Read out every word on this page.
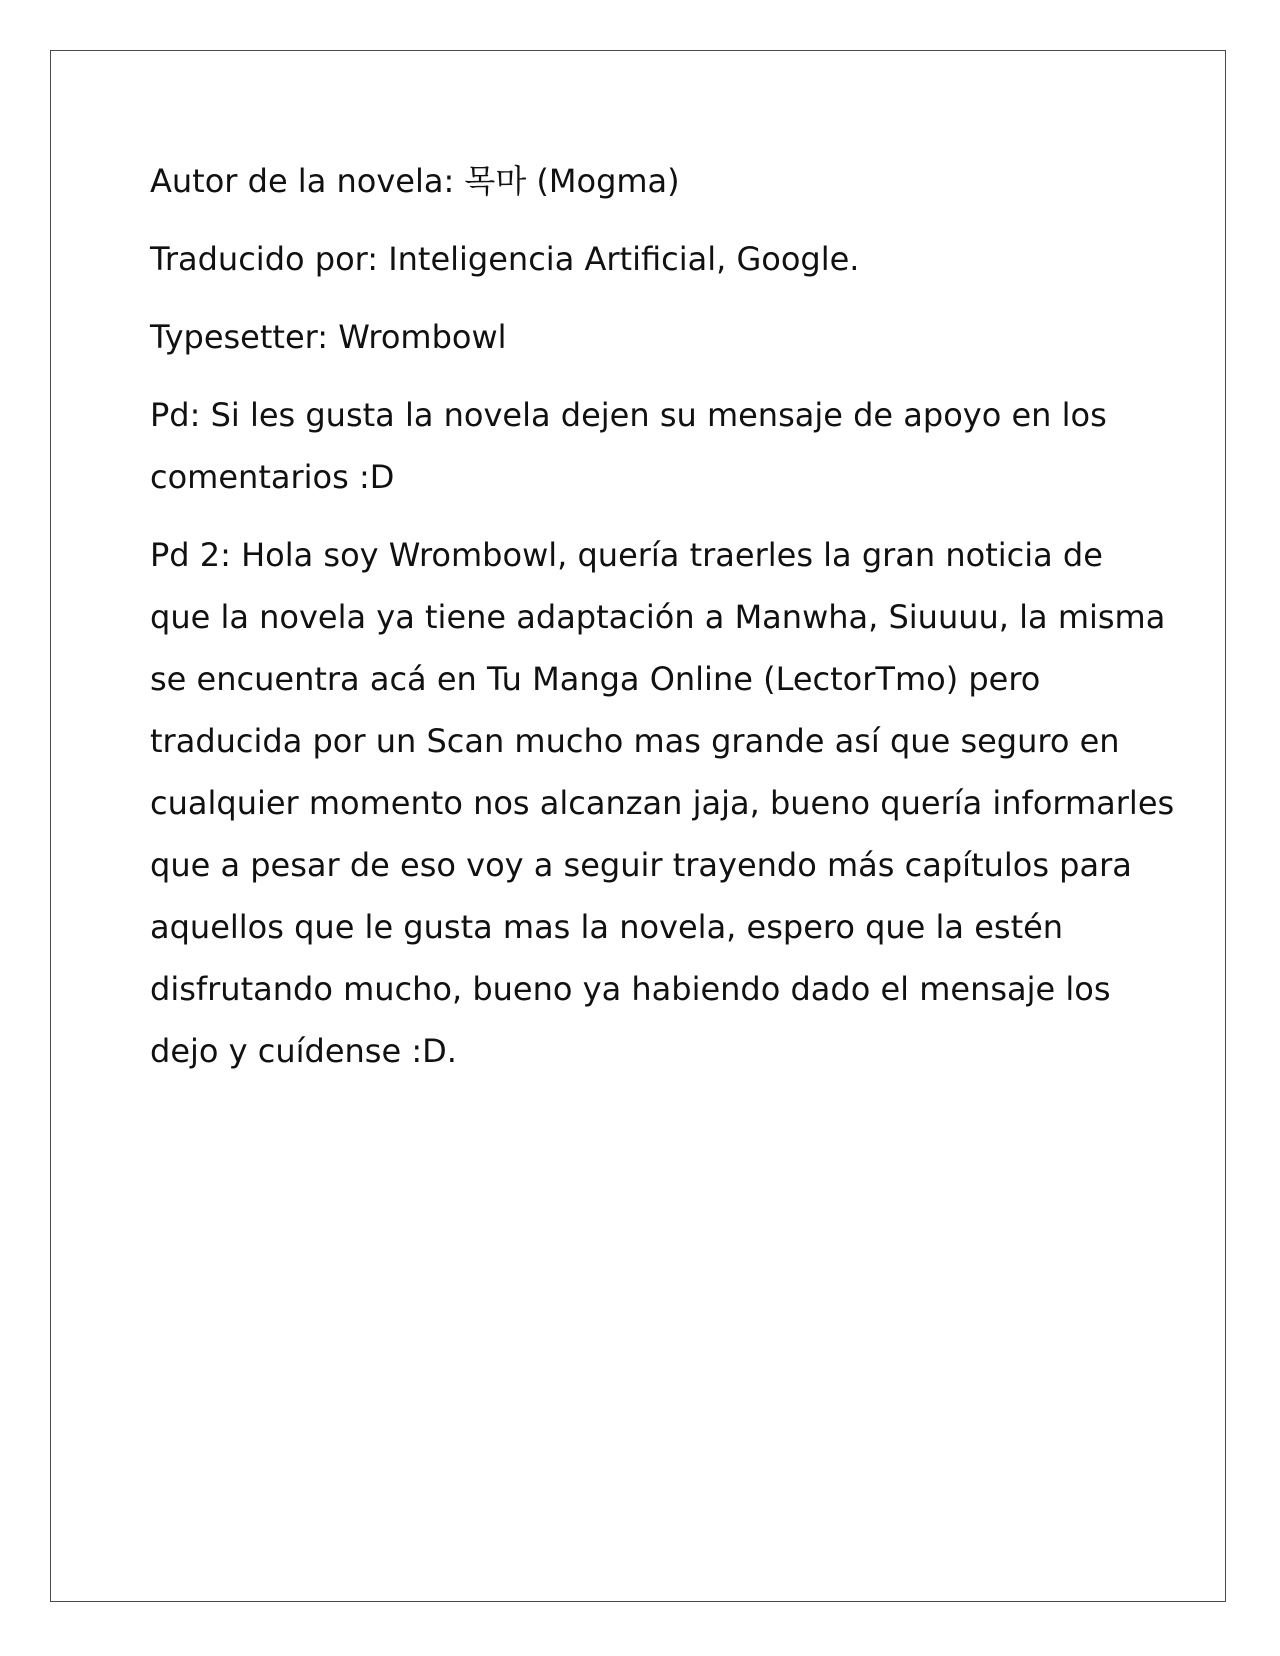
Autor de la novela: 목마 (Mogma)

Traducido por: Inteligencia Artificial, Google.

Typesetter: Wrombowl

Pd: Si les gusta la novela dejen su mensaje de apoyo en los
comentarios :D

Pd 2: Hola soy Wrombowl, quería traerles la gran noticia de
que la novela ya tiene adaptación a Manwha, Siuuuu, la misma
se encuentra acá en Tu Manga Online (LectorTmo) pero
traducida por un Scan mucho mas grande así que seguro en
cualquier momento nos alcanzan jaja, bueno quería informarles
que a pesar de eso voy a seguir trayendo más capítulos para
aquellos que le gusta mas la novela, espero que la estén
disfrutando mucho, bueno ya habiendo dado el mensaje los
dejo y cuídense :D.
